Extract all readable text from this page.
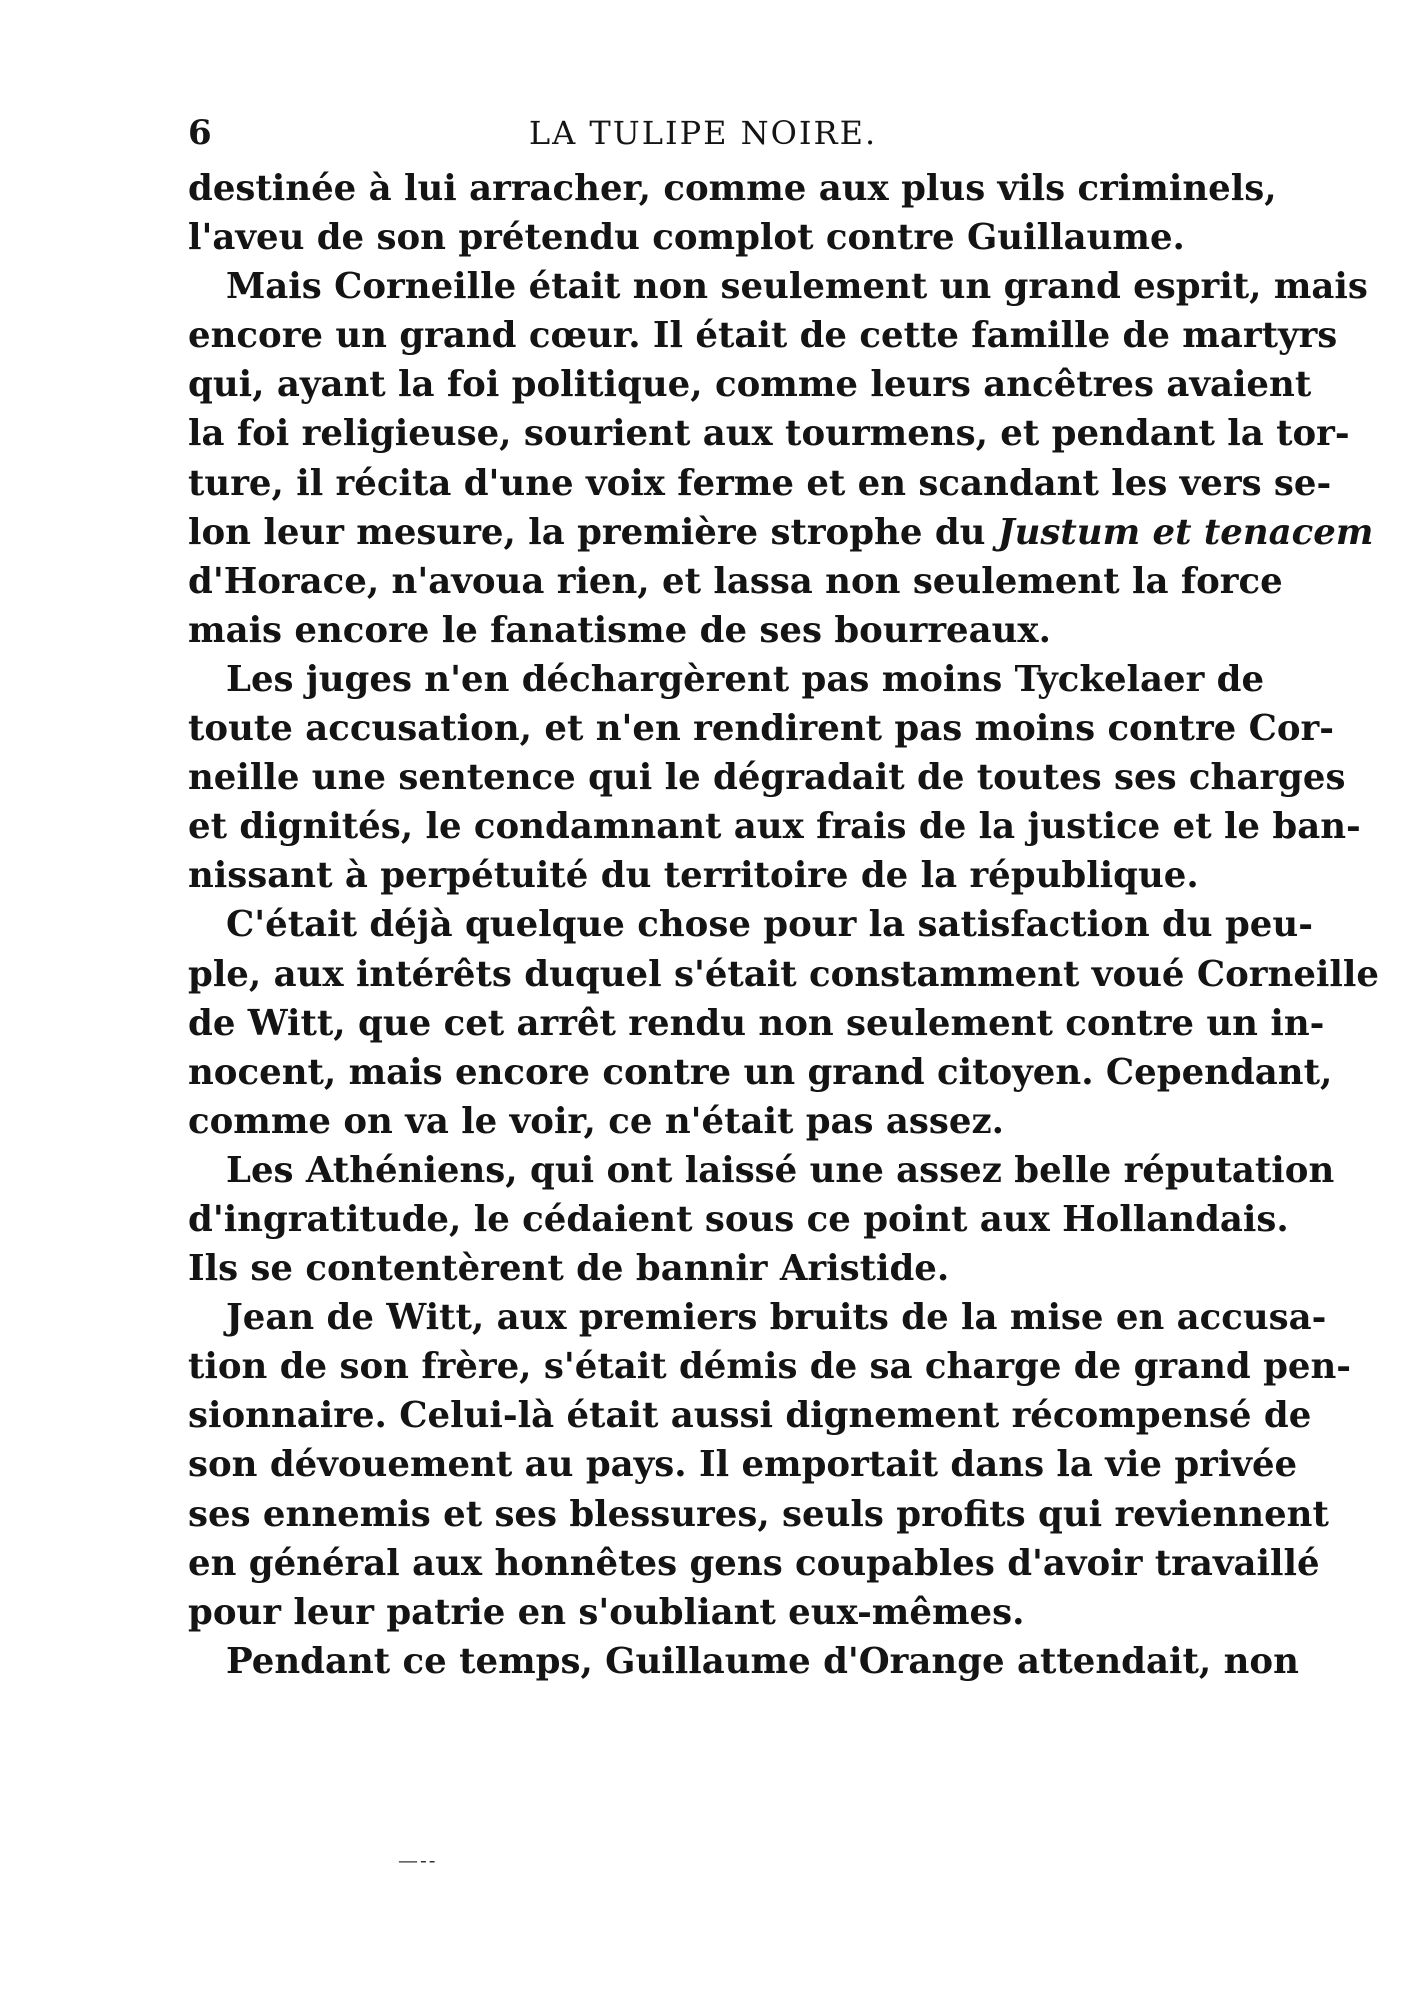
6	LA TULIPE NOIRE.
destinée à lui arracher, comme aux plus vils criminels,
l'aveu de son prétendu complot contre Guillaume.
Mais Corneille était non seulement un grand esprit, mais
encore un grand cœur. Il était de cette famille de martyrs
qui, ayant la foi politique, comme leurs ancêtres avaient
la foi religieuse, sourient aux tourmens, et pendant la tor-
ture, il récita d'une voix ferme et en scandant les vers se-
lon leur mesure, la première strophe du Justum et tenacem
d'Horace, n'avoua rien, et lassa non seulement la force
mais encore le fanatisme de ses bourreaux.
Les juges n'en déchargèrent pas moins Tyckelaer de
toute accusation, et n'en rendirent pas moins contre Cor-
neille une sentence qui le dégradait de toutes ses charges
et dignités, le condamnant aux frais de la justice et le ban-
nissant à perpétuité du territoire de la république.
C'était déjà quelque chose pour la satisfaction du peu-
ple, aux intérêts duquel s'était constamment voué Corneille
de Witt, que cet arrêt rendu non seulement contre un in-
nocent, mais encore contre un grand citoyen. Cependant,
comme on va le voir, ce n'était pas assez.
Les Athéniens, qui ont laissé une assez belle réputation
d'ingratitude, le cédaient sous ce point aux Hollandais.
Ils se contentèrent de bannir Aristide.
Jean de Witt, aux premiers bruits de la mise en accusa-
tion de son frère, s'était démis de sa charge de grand pen-
sionnaire. Celui-là était aussi dignement récompensé de
son dévouement au pays. Il emportait dans la vie privée
ses ennemis et ses blessures, seuls profits qui reviennent
en général aux honnêtes gens coupables d'avoir travaillé
pour leur patrie en s'oubliant eux-mêmes.
Pendant ce temps, Guillaume d'Orange attendait, non
—--
